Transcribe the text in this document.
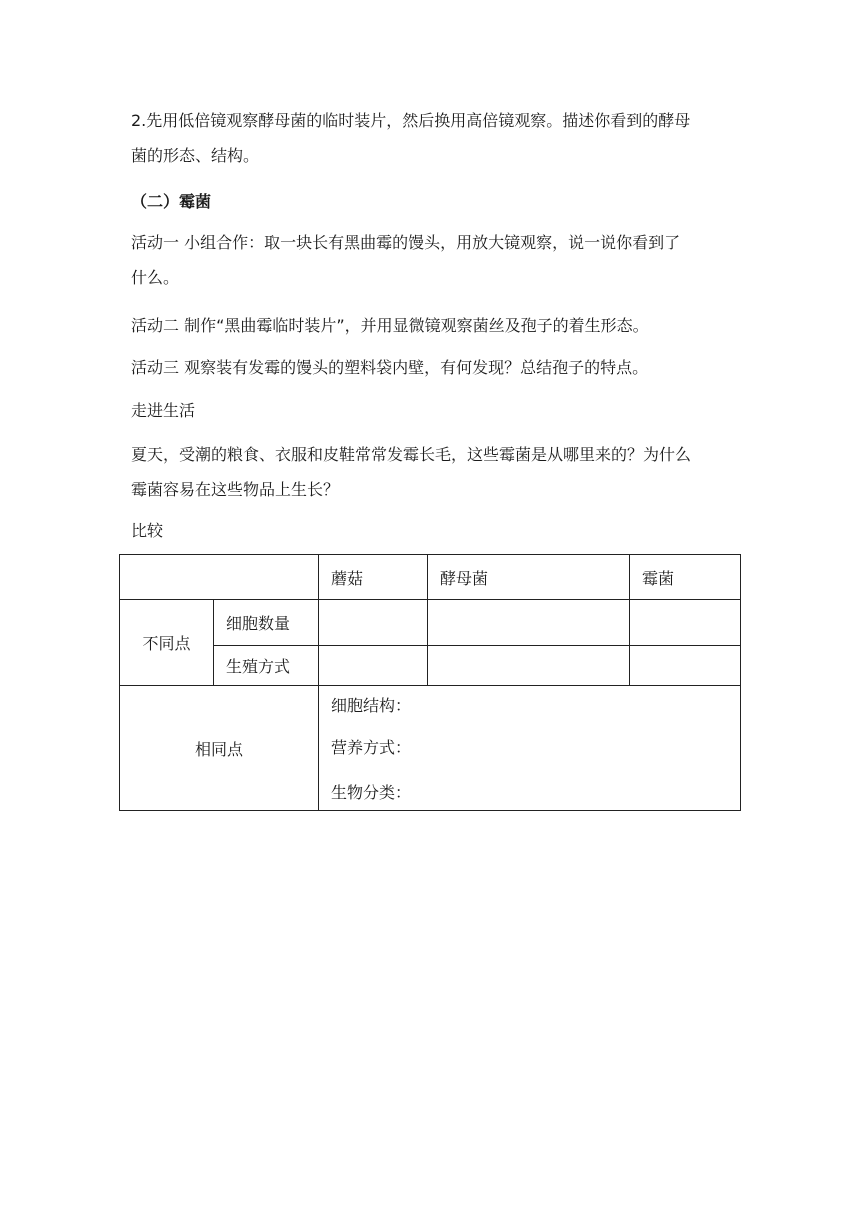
2.先用低倍镜观察酵母菌的临时装片，然后换用高倍镜观察。描述你看到的酵母

菌的形态、结构。

（二）霉菌

活动一 小组合作：取一块长有黑曲霉的馒头，用放大镜观察，说一说你看到了

什么。

活动二 制作“黑曲霉临时装片”，并用显微镜观察菌丝及孢子的着生形态。

活动三 观察装有发霉的馒头的塑料袋内壁，有何发现？总结孢子的特点。

走进生活

夏天，受潮的粮食、衣服和皮鞋常常发霉长毛，这些霉菌是从哪里来的？为什么

霉菌容易在这些物品上生长？

比较

		蘑菇	酵母菌	霉菌
不同点	细胞数量			
	生殖方式			
相同点		细胞结构：
营养方式：
生物分类：		
